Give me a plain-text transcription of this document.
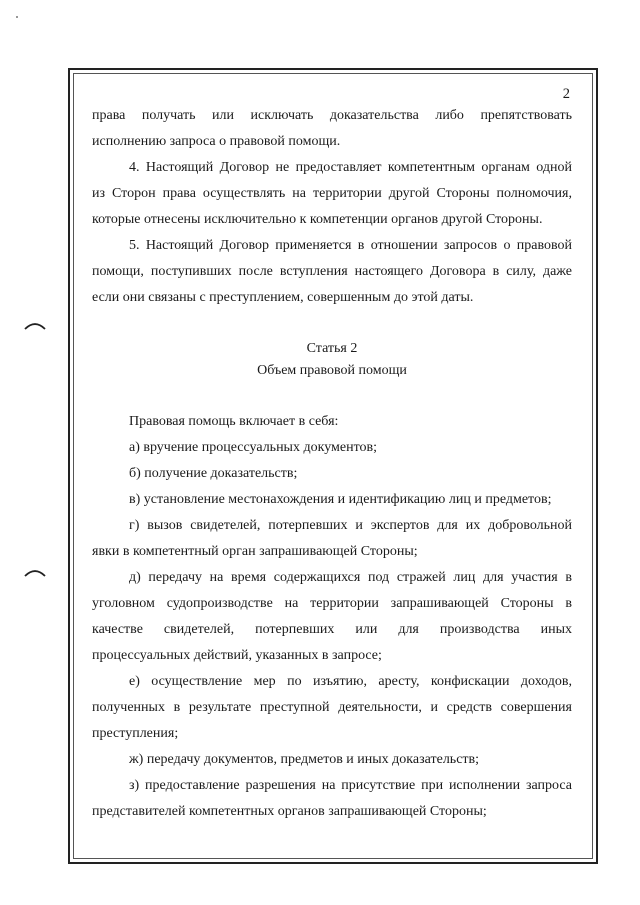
2

права получать или исключать доказательства либо препятствовать

исполнению запроса о правовой помощи.

4. Настоящий Договор не предоставляет компетентным органам одной

из Сторон права осуществлять на территории другой Стороны полномочия,

которые отнесены исключительно к компетенции органов другой Стороны.

5. Настоящий Договор применяется в отношении запросов о правовой

помощи, поступивших после вступления настоящего Договора в силу, даже

если они связаны с преступлением, совершенным до этой даты.

Статья 2
Объем правовой помощи

Правовая помощь включает в себя:

а) вручение процессуальных документов;

б) получение доказательств;

в) установление местонахождения и идентификацию лиц и предметов;

г) вызов свидетелей, потерпевших и экспертов для их добровольной

явки в компетентный орган запрашивающей Стороны;

д) передачу на время содержащихся под стражей лиц для участия в

уголовном судопроизводстве на территории запрашивающей Стороны в

качестве свидетелей, потерпевших или для производства иных

процессуальных действий, указанных в запросе;

е) осуществление мер по изъятию, аресту, конфискации доходов,

полученных в результате преступной деятельности, и средств совершения

преступления;

ж) передачу документов, предметов и иных доказательств;

з) предоставление разрешения на присутствие при исполнении запроса

представителей компетентных органов запрашивающей Стороны;
